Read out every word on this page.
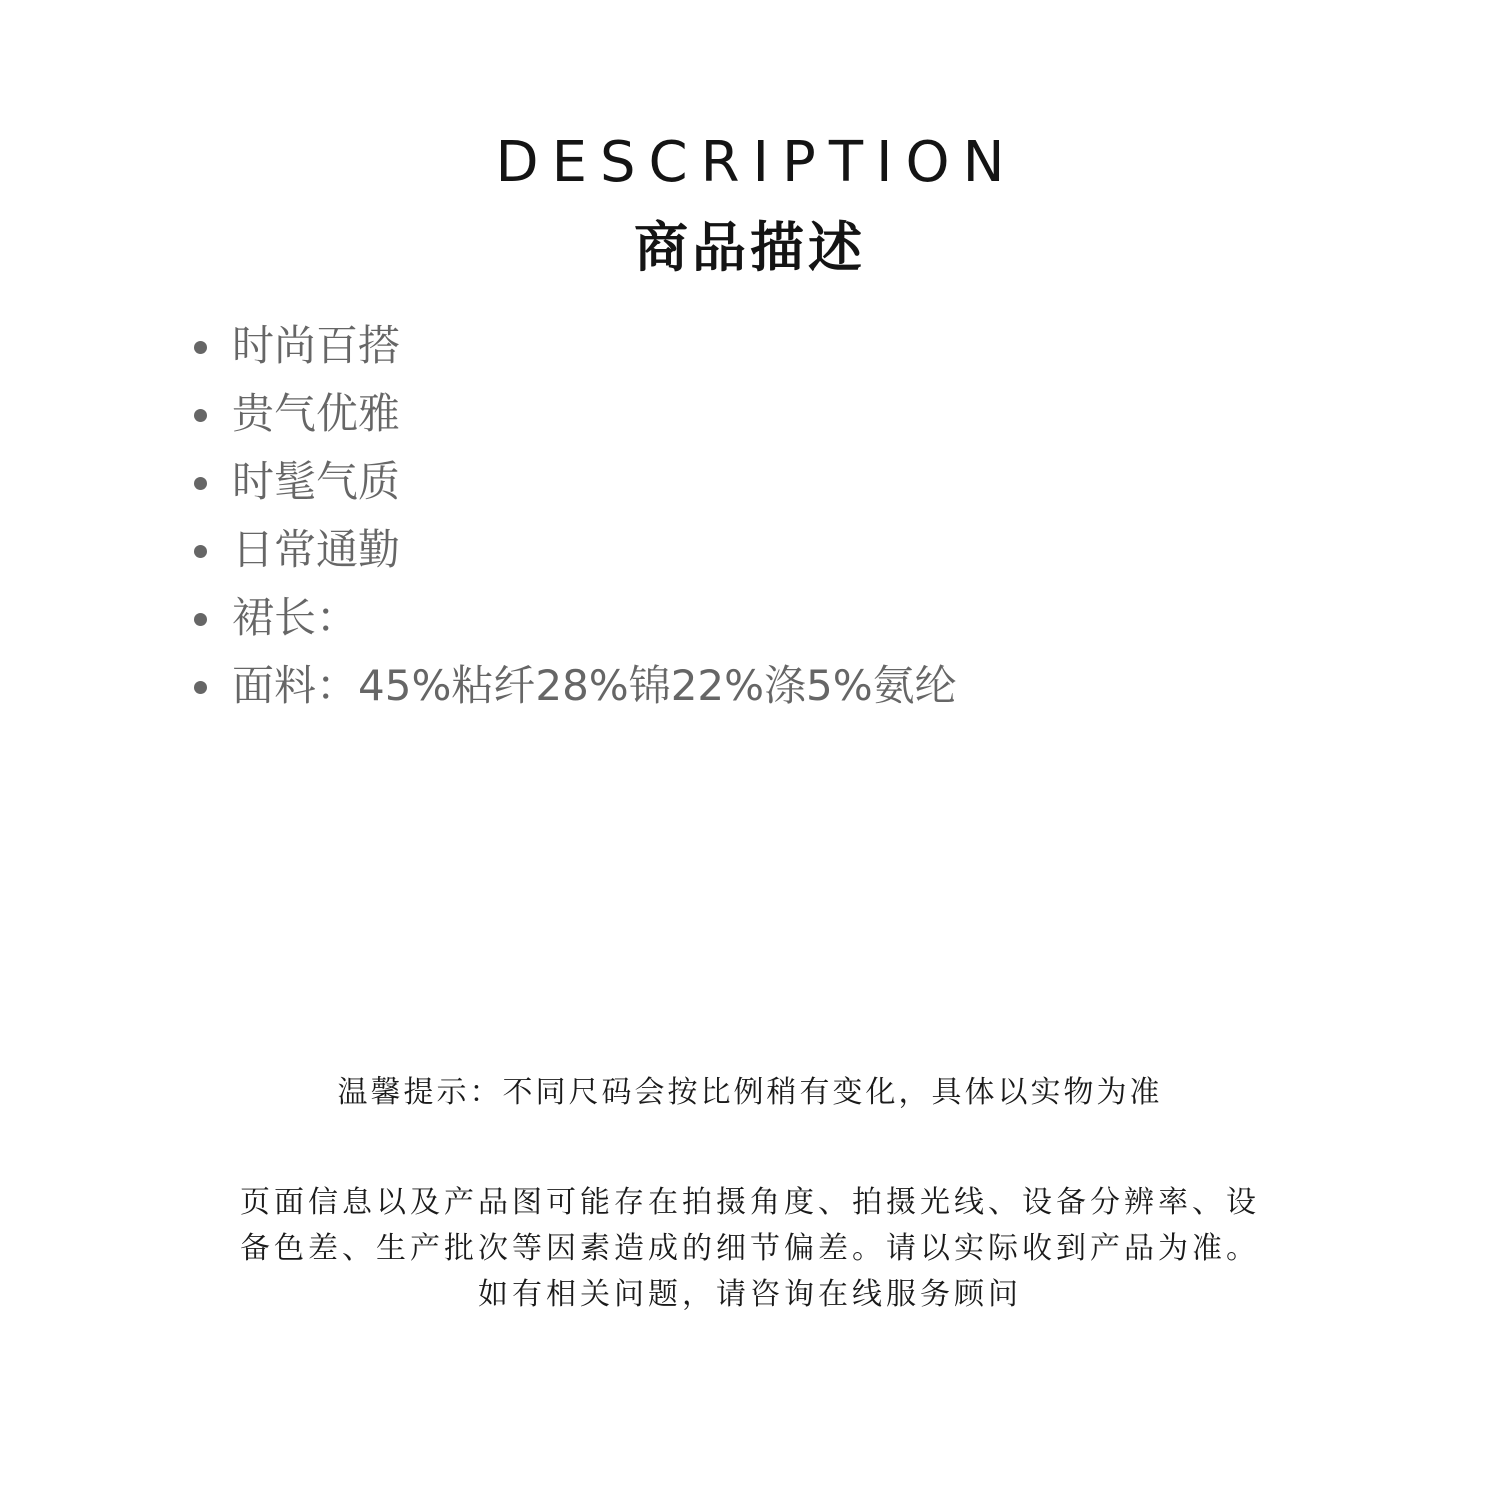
DESCRIPTION
商品描述
时尚百搭
贵气优雅
时髦气质
日常通勤
裙长：
面料：45%粘纤28%锦22%涤5%氨纶
温馨提示：不同尺码会按比例稍有变化，具体以实物为准
页面信息以及产品图可能存在拍摄角度、拍摄光线、设备分辨率、设
备色差、生产批次等因素造成的细节偏差。请以实际收到产品为准。
如有相关问题，请咨询在线服务顾问
